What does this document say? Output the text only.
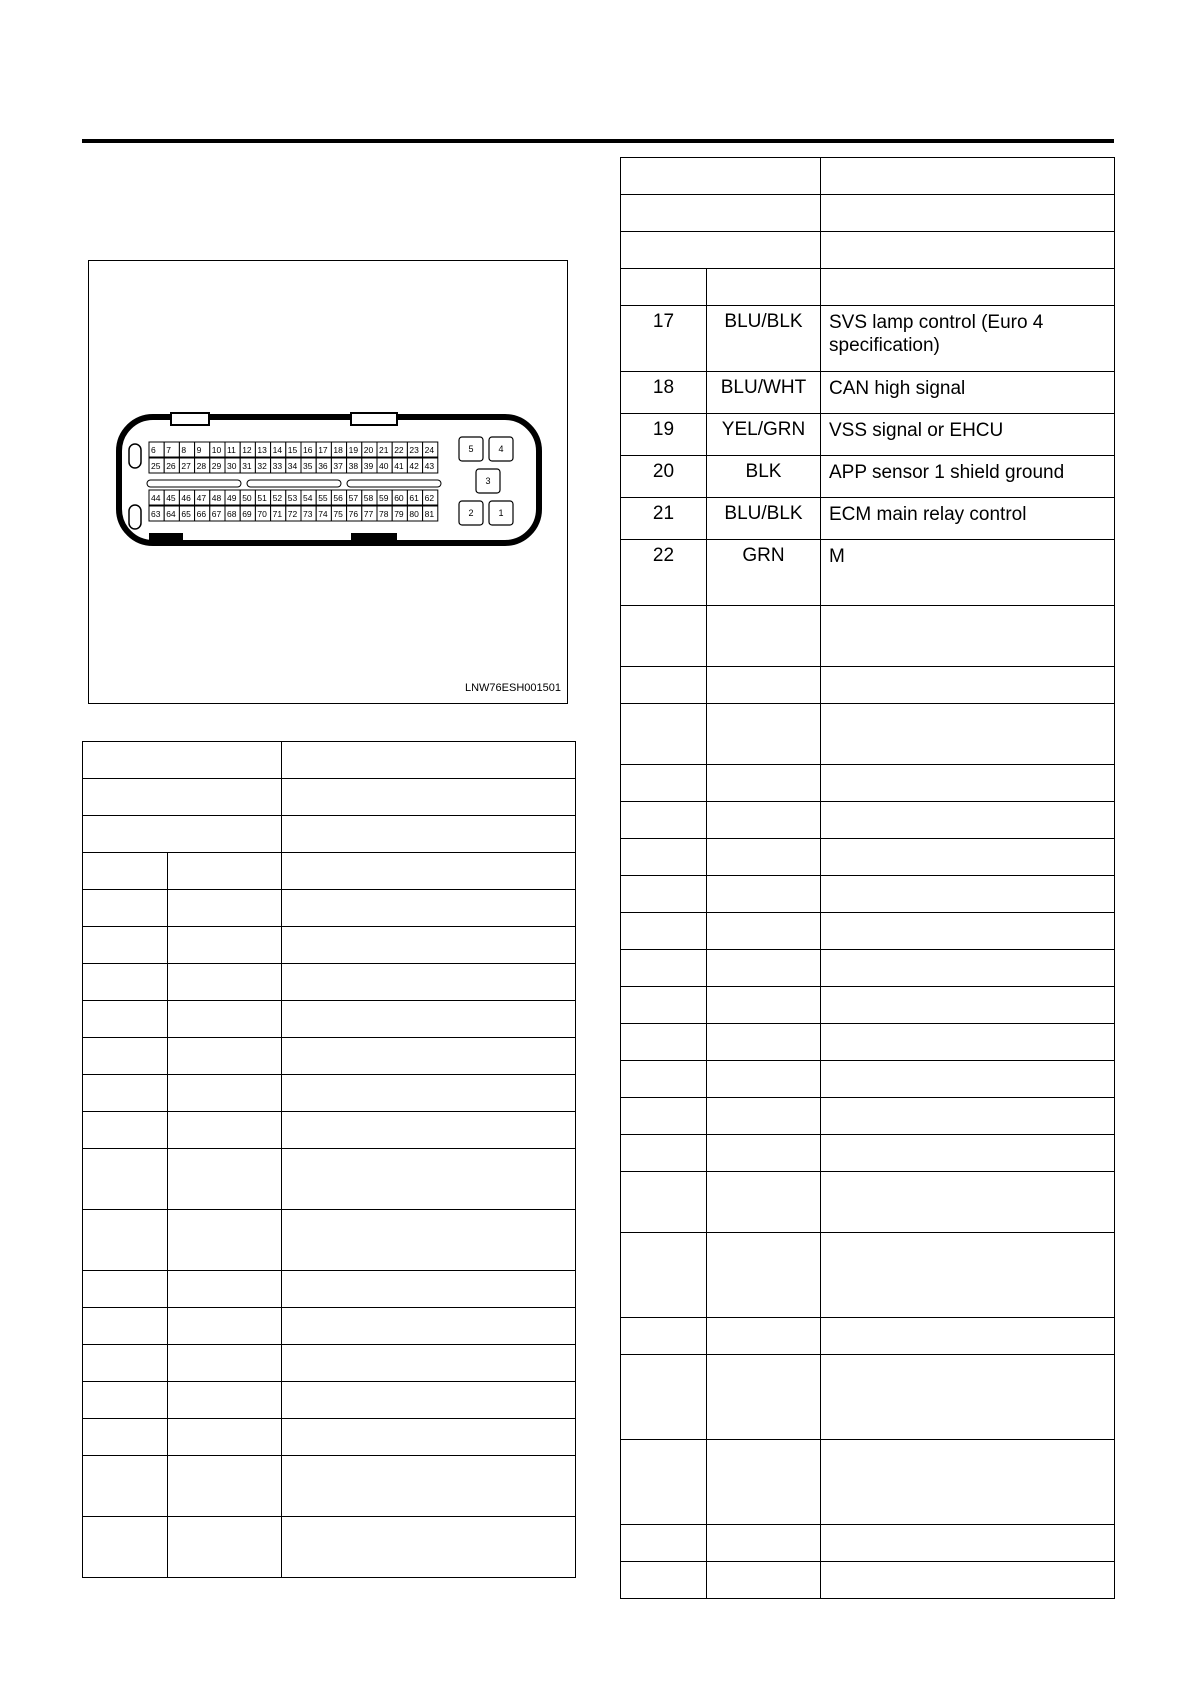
6 7 8 9 10 11 12 13 14 15 16 17 18 19 20 21 22 23 24
25 26 27 28 29 30 31 32 33 34 35 36 37 38 39 40 41 42 43
44 45 46 47 48 49 50 51 52 53 54 55 56 57 58 59 60 61 62
63 64 65 66 67 68 69 70 71 72 73 74 75 76 77 78 79 80 81
5	4
3
2	1
LNW76ESH001501

17	BLU/BLK	SVS lamp control (Euro 4 specification)
18	BLU/WHT	CAN high signal
19	YEL/GRN	VSS signal or EHCU
20	BLK	APP sensor 1 shield ground
21	BLU/BLK	ECM main relay control
22	GRN	M
